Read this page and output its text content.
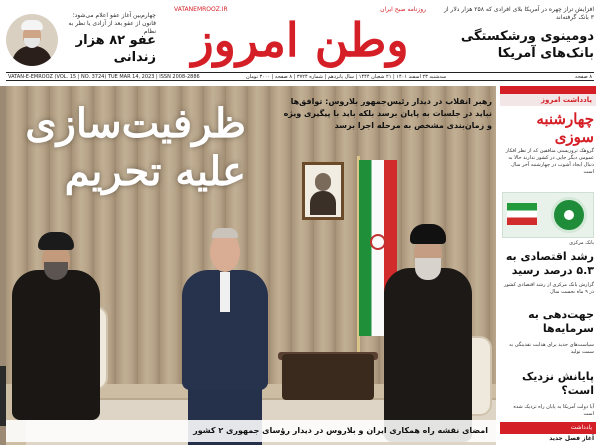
چهارم‌بین آغاز عفو اعلام می‌شود؛ قانون از عفو بعد از آزادی یا نظر به نظام
عفو ۸۲ هزار زندانی
VATANEMROOZ.IR	روزنامه صبح ایران
وطن امروز
افزایش تراز چهره در آمریکا بلای افرادی که ۲۵۸ هزار دلار از ۳ بانک گرفته‌اند
دومینوی ورشکستگی بانک‌های آمریکا
VATAN-E-EMROOZ (VOL. 15 | NO. 3724) TUE MAR 14, 2023 | ISSN 2008-2886	سه‌شنبه ۲۳ اسفند ۱۴۰۱ | ۲۱ شعبان ۱۴۴۴ | سال پانزدهم | شماره ۳۷۲۴ | ۸ صفحه | ۳۰۰۰ تومان	۸ صفحه
ظرفیت‌سازی علیه تحریم
رهبر انقلاب در دیدار رئیس‌جمهور بلاروس: توافق‌ها نباید در جلسات به پایان برسد بلکه باید با پیگیری ویژه و زمان‌بندی مشخص به مرحله اجرا برسد
امضای نقشه راه همکاری ایران و بلاروس در دیدار رؤسای جمهوری ۲ کشور
یادداشت امروز
چهارشنبه سوزی
گروهک تروریستی منافقین که از نظر افکار عمومی دیگر جایی در کشور ندارند حالا به دنبال ایجاد آشوب در چهارشنبه آخر سال است
بانک مرکزی
رشد اقتصادی به ۵.۳ درصد رسید
گزارش بانک مرکزی از رشد اقتصادی کشور در ۹ ماه نخست سال
جهت‌دهی به سرمایه‌ها
سیاست‌های جدید برای هدایت نقدینگی به سمت تولید
پایانش نزدیک است؟
آیا دولت آمریکا به پایان راه نزدیک شده است
یادداشت
آغاز فصل جدید
